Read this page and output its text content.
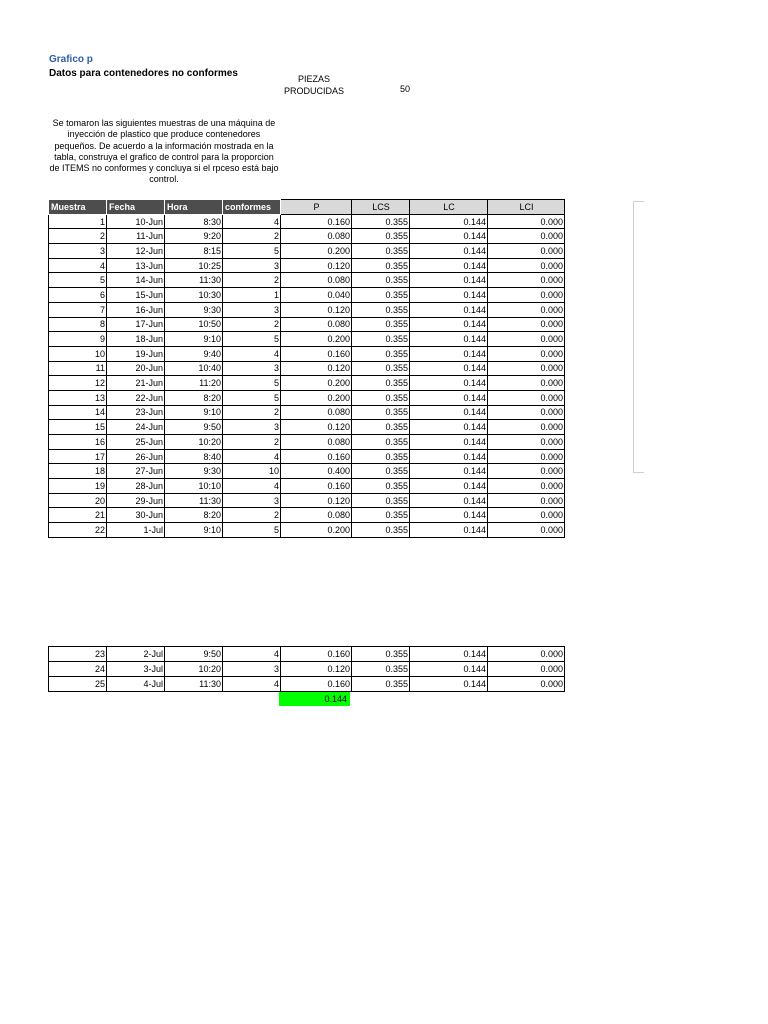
Grafico p
Datos para contenedores no conformes	PIEZAS PRODUCIDAS	50
Se tomaron las siguientes muestras de una máquina de inyección de plastico que produce contenedores pequeños. De acuerdo a la información mostrada en la tabla, construya el grafico de control para la proporcion de ITEMS no conformes y concluya si el rpceso está bajo control.
Muestra	Fecha	Hora	conformes	P	LCS	LC	LCI
1	10-Jun	8:30	4	0.160	0.355	0.144	0.000
2	11-Jun	9:20	2	0.080	0.355	0.144	0.000
3	12-Jun	8:15	5	0.200	0.355	0.144	0.000
4	13-Jun	10:25	3	0.120	0.355	0.144	0.000
5	14-Jun	11:30	2	0.080	0.355	0.144	0.000
6	15-Jun	10:30	1	0.040	0.355	0.144	0.000
7	16-Jun	9:30	3	0.120	0.355	0.144	0.000
8	17-Jun	10:50	2	0.080	0.355	0.144	0.000
9	18-Jun	9:10	5	0.200	0.355	0.144	0.000
10	19-Jun	9:40	4	0.160	0.355	0.144	0.000
11	20-Jun	10:40	3	0.120	0.355	0.144	0.000
12	21-Jun	11:20	5	0.200	0.355	0.144	0.000
13	22-Jun	8:20	5	0.200	0.355	0.144	0.000
14	23-Jun	9:10	2	0.080	0.355	0.144	0.000
15	24-Jun	9:50	3	0.120	0.355	0.144	0.000
16	25-Jun	10:20	2	0.080	0.355	0.144	0.000
17	26-Jun	8:40	4	0.160	0.355	0.144	0.000
18	27-Jun	9:30	10	0.400	0.355	0.144	0.000
19	28-Jun	10:10	4	0.160	0.355	0.144	0.000
20	29-Jun	11:30	3	0.120	0.355	0.144	0.000
21	30-Jun	8:20	2	0.080	0.355	0.144	0.000
22	1-Jul	9:10	5	0.200	0.355	0.144	0.000
23	2-Jul	9:50	4	0.160	0.355	0.144	0.000
24	3-Jul	10:20	3	0.120	0.355	0.144	0.000
25	4-Jul	11:30	4	0.160	0.355	0.144	0.000
0.144
